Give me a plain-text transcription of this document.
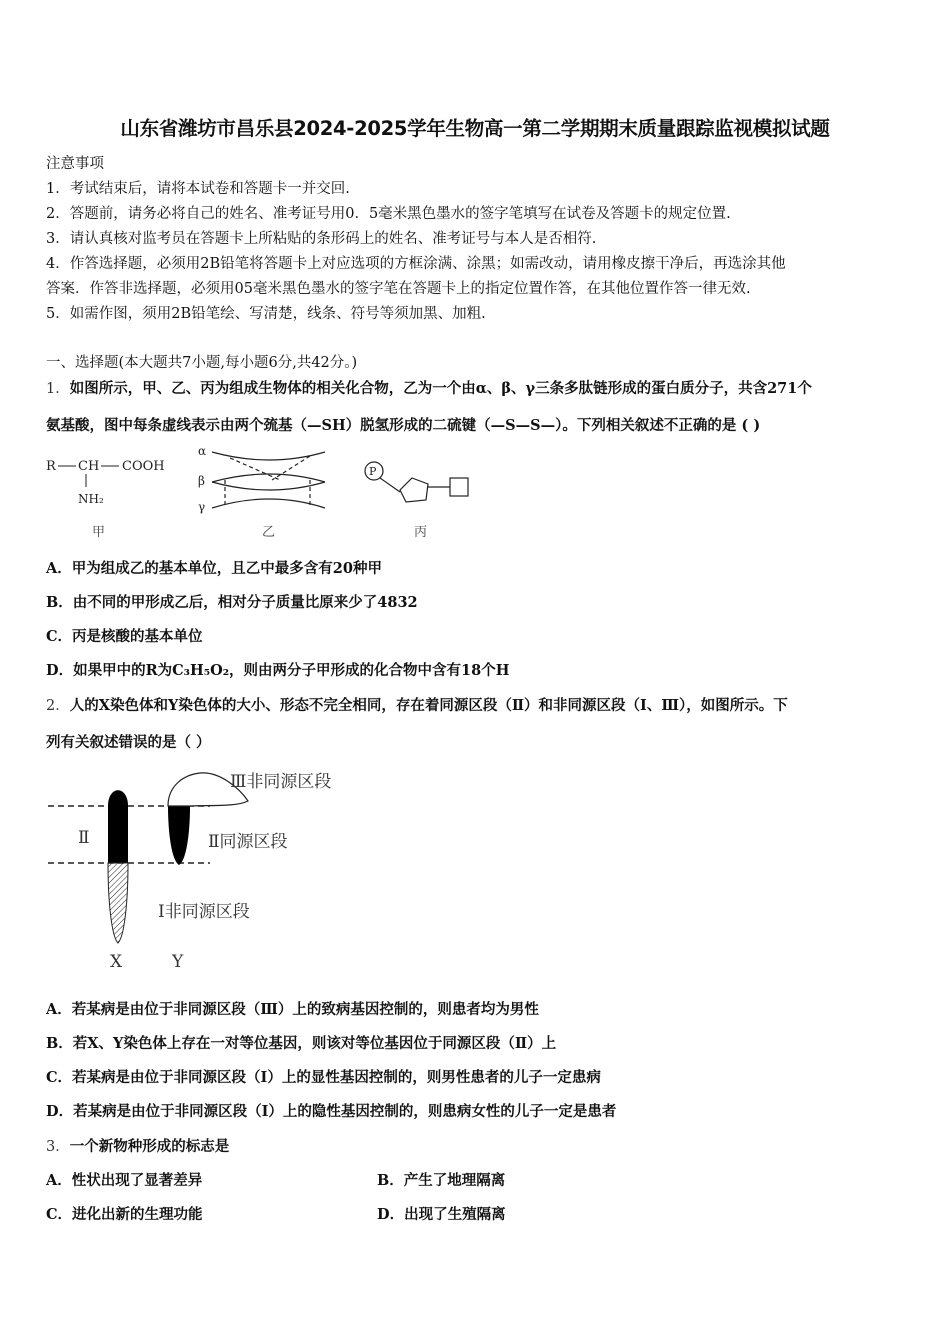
山东省潍坊市昌乐县2024-2025学年生物高一第二学期期末质量跟踪监视模拟试题
注意事项
1．考试结束后，请将本试卷和答题卡一并交回.
2．答题前，请务必将自己的姓名、准考证号用0．5毫米黑色墨水的签字笔填写在试卷及答题卡的规定位置.
3．请认真核对监考员在答题卡上所粘贴的条形码上的姓名、准考证号与本人是否相符.
4．作答选择题，必须用2B铅笔将答题卡上对应选项的方框涂满、涂黑；如需改动，请用橡皮擦干净后，再选涂其他
答案．作答非选择题，必须用05毫米黑色墨水的签字笔在答题卡上的指定位置作答，在其他位置作答一律无效.
5．如需作图，须用2B铅笔绘、写清楚，线条、符号等须加黑、加粗.
一、选择题(本大题共7小题,每小题6分,共42分。)
1．如图所示，甲、乙、丙为组成生物体的相关化合物，乙为一个由α、β、γ三条多肽链形成的蛋白质分子，共含271个
氨基酸，图中每条虚线表示由两个巯基（—SH）脱氢形成的二硫键（—S—S—）。下列相关叙述不正确的是 ( )
R CH COOH
NH₂
甲
α
β
γ
乙
P
丙
A．甲为组成乙的基本单位，且乙中最多含有20种甲
B．由不同的甲形成乙后，相对分子质量比原来少了4832
C．丙是核酸的基本单位
D．如果甲中的R为C₃H₅O₂，则由两分子甲形成的化合物中含有18个H
2．人的X染色体和Y染色体的大小、形态不完全相同，存在着同源区段（Ⅱ）和非同源区段（Ⅰ、Ⅲ），如图所示。下
列有关叙述错误的是（ ）
Ⅲ非同源区段
Ⅱ	Ⅱ同源区段
Ⅰ非同源区段
X	Y
A．若某病是由位于非同源区段（Ⅲ）上的致病基因控制的，则患者均为男性
B．若X、Y染色体上存在一对等位基因，则该对等位基因位于同源区段（Ⅱ）上
C．若某病是由位于非同源区段（Ⅰ）上的显性基因控制的，则男性患者的儿子一定患病
D．若某病是由位于非同源区段（Ⅰ）上的隐性基因控制的，则患病女性的儿子一定是患者
3．一个新物种形成的标志是
A．性状出现了显著差异	B．产生了地理隔离
C．进化出新的生理功能	D．出现了生殖隔离
